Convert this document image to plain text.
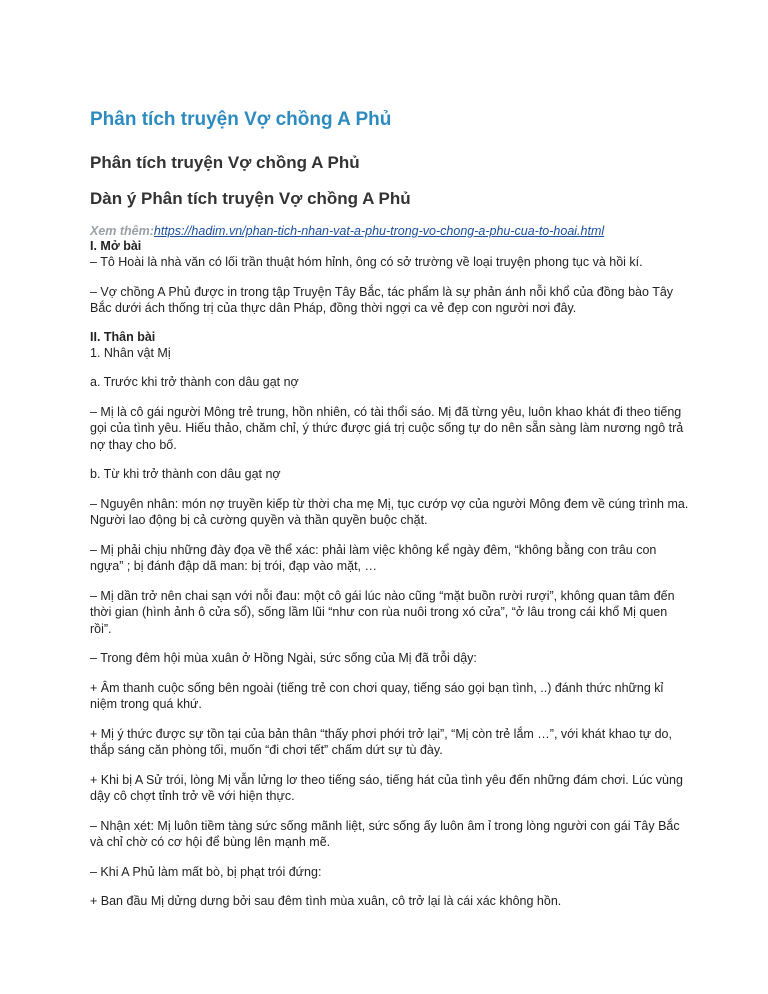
Phân tích truyện Vợ chồng A Phủ
Phân tích truyện Vợ chồng A Phủ
Dàn ý Phân tích truyện Vợ chồng A Phủ

Xem thêm:https://hadim.vn/phan-tich-nhan-vat-a-phu-trong-vo-chong-a-phu-cua-to-hoai.html

I. Mở bài

– Tô Hoài là nhà văn có lối trần thuật hóm hỉnh, ông có sở trường về loại truyện phong tục và hồi kí.

– Vợ chồng A Phủ được in trong tập Truyện Tây Bắc, tác phẩm là sự phản ánh nỗi khổ của đồng bào Tây Bắc dưới ách thống trị của thực dân Pháp, đồng thời ngợi ca vẻ đẹp con người nơi đây.

II. Thân bài

1. Nhân vật Mị

a. Trước khi trở thành con dâu gạt nợ

– Mị là cô gái người Mông trẻ trung, hồn nhiên, có tài thổi sáo. Mị đã từng yêu, luôn khao khát đi theo tiếng gọi của tình yêu. Hiếu thảo, chăm chỉ, ý thức được giá trị cuộc sống tự do nên sẵn sàng làm nương ngô trả nợ thay cho bố.

b. Từ khi trở thành con dâu gạt nợ

– Nguyên nhân: món nợ truyền kiếp từ thời cha mẹ Mị, tục cướp vợ của người Mông đem về cúng trình ma. Người lao động bị cả cường quyền và thần quyền buộc chặt.

– Mị phải chịu những đày đọa về thể xác: phải làm việc không kể ngày đêm, “không bằng con trâu con ngựa” ; bị đánh đập dã man: bị trói, đạp vào mặt, …

– Mị dần trở nên chai sạn với nỗi đau: một cô gái lúc nào cũng “mặt buồn rười rượi”, không quan tâm đến thời gian (hình ảnh ô cửa sổ), sống lầm lũi “như con rùa nuôi trong xó cửa”, “ở lâu trong cái khổ Mị quen rồi”.

– Trong đêm hội mùa xuân ở Hồng Ngài, sức sống của Mị đã trỗi dậy:

+ Âm thanh cuộc sống bên ngoài (tiếng trẻ con chơi quay, tiếng sáo gọi bạn tình, ..) đánh thức những kỉ niệm trong quá khứ.

+ Mị ý thức được sự tồn tại của bản thân “thấy phơi phới trở lại”, “Mị còn trẻ lắm …”, với khát khao tự do, thắp sáng căn phòng tối, muốn “đi chơi tết” chấm dứt sự tù đày.

+ Khi bị A Sử trói, lòng Mị vẫn lửng lơ theo tiếng sáo, tiếng hát của tình yêu đến những đám chơi. Lúc vùng dậy cô chợt tỉnh trở về với hiện thực.

– Nhận xét: Mị luôn tiềm tàng sức sống mãnh liệt, sức sống ấy luôn âm ỉ trong lòng người con gái Tây Bắc và chỉ chờ có cơ hội để bùng lên mạnh mẽ.

– Khi A Phủ làm mất bò, bị phạt trói đứng:

+ Ban đầu Mị dửng dưng bởi sau đêm tình mùa xuân, cô trở lại là cái xác không hồn.
